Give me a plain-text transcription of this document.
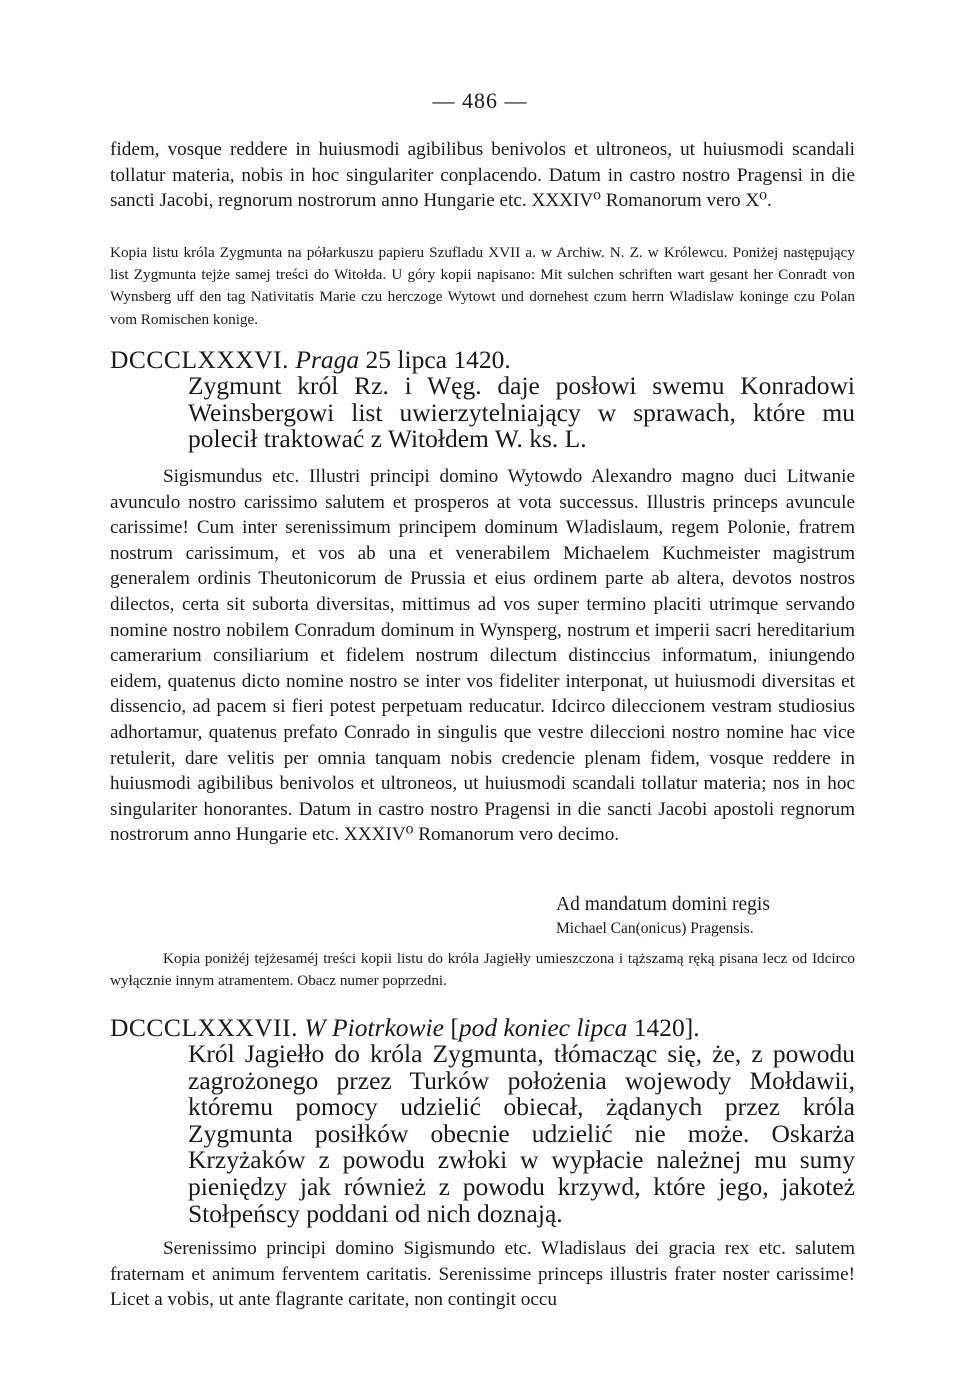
— 486 —

fidem, vosque reddere in huiusmodi agibilibus benivolos et ultroneos, ut huiusmodi scandali tollatur materia, nobis in hoc singulariter conplacendo. Datum in castro nostro Pragensi in die sancti Jacobi, regnorum nostrorum anno Hungarie etc. XXXIV⁰ Romanorum vero X⁰.

Kopia listu króla Zygmunta na półarkuszu papieru Szufladu XVII a. w Archiw. N. Z. w Królewcu. Poniżej następujący list Zygmunta tejże samej treści do Witołda. U góry kopii napisano: Mit sulchen schriften wart gesant her Conradt von Wynsberg uff den tag Nativitatis Marie czu herczoge Wytowt und dornehest czum herrn Wladislaw koninge czu Polan vom Romischen konige.

DCCCLXXXVI. Praga 25 lipca 1420.

Zygmunt król Rz. i Węg. daje posłowi swemu Konradowi Weinsbergowi list uwierzytelniający w sprawach, które mu polecił traktować z Witołdem W. ks. L.

Sigismundus etc. Illustri principi domino Wytowdo Alexandro magno duci Litwanie avunculo nostro carissimo salutem et prosperos at vota successus. Illustris princeps avuncule carissime! Cum inter serenissimum principem dominum Wladislaum, regem Polonie, fratrem nostrum carissimum, et vos ab una et venerabilem Michaelem Kuchmeister magistrum generalem ordinis Theutonicorum de Prussia et eius ordinem parte ab altera, devotos nostros dilectos, certa sit suborta diversitas, mittimus ad vos super termino placiti utrimque servando nomine nostro nobilem Conradum dominum in Wynsperg, nostrum et imperii sacri hereditarium camerarium consiliarium et fidelem nostrum dilectum distinccius informatum, iniungendo eidem, quatenus dicto nomine nostro se inter vos fideliter interponat, ut huiusmodi diversitas et dissencio, ad pacem si fieri potest perpetuam reducatur. Idcirco dileccionem vestram studiosius adhortamur, quatenus prefato Conrado in singulis que vestre dileccioni nostro nomine hac vice retulerit, dare velitis per omnia tanquam nobis credencie plenam fidem, vosque reddere in huiusmodi agibilibus benivolos et ultroneos, ut huiusmodi scandali tollatur materia; nos in hoc singulariter honorantes. Datum in castro nostro Pragensi in die sancti Jacobi apostoli regnorum nostrorum anno Hungarie etc. XXXIV⁰ Romanorum vero decimo.

Ad mandatum domini regis
Michael Can(onicus) Pragensis.

Kopia poniżéj tejżesaméj treści kopii listu do króla Jagiełły umieszczona i tąższamą ręką pisana lecz od Idcirco wyłącznie innym atramentem. Obacz numer poprzedni.

DCCCLXXXVII. W Piotrkowie [pod koniec lipca 1420].

Król Jagiełło do króla Zygmunta, tłómacząc się, że, z powodu zagrożonego przez Turków położenia wojewody Mołdawii, któremu pomocy udzielić obiecał, żądanych przez króla Zygmunta posiłków obecnie udzielić nie może. Oskarża Krzyżaków z powodu zwłoki w wypłacie należnej mu sumy pieniędzy jak również z powodu krzywd, które jego, jakoteż Stołpeńscy poddani od nich doznają.

Serenissimo principi domino Sigismundo etc. Wladislaus dei gracia rex etc. salutem fraternam et animum ferventem caritatis. Serenissime princeps illustris frater noster carissime! Licet a vobis, ut ante flagrante caritate, non contingit occu
